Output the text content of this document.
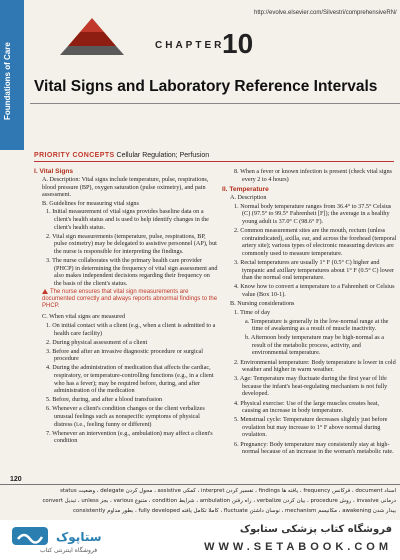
Foundations of Care
http://evolve.elsevier.com/Silvestri/comprehensiveRN/
CHAPTER
10
Vital Signs and Laboratory Reference Intervals
PRIORITY CONCEPTS Cellular Regulation; Perfusion
I. Vital Signs
A. Description: Vital signs include temperature, pulse, respirations, blood pressure (BP), oxygen saturation (pulse oximetry), and pain assessment.
B. Guidelines for measuring vital signs
1. Initial measurement of vital signs provides baseline data on a client's health status and is used to help identify changes in the client's health status.
2. Vital sign measurements (temperature, pulse, respirations, BP, pulse oximetry) may be delegated to assistive personnel (AP), but the nurse is responsible for interpreting the findings.
3. The nurse collaborates with the primary health care provider (PHCP) in determining the frequency of vital sign assessment and also makes independent decisions regarding their frequency on the basis of the client's status.
The nurse ensures that vital sign measurements are documented correctly and always reports abnormal findings to the PHCP.
C. When vital signs are measured
1. On initial contact with a client (e.g., when a client is admitted to a health care facility)
2. During physical assessment of a client
3. Before and after an invasive diagnostic procedure or surgical procedure
4. During the administration of medication that affects the cardiac, respiratory, or temperature-controlling functions (e.g., in a client who has a fever); may be required before, during, and after administration of the medication
5. Before, during, and after a blood transfusion
6. Whenever a client's condition changes or the client verbalizes unusual feelings such as nonspecific symptoms of physical distress (i.e., feeling funny or different)
7. Whenever an intervention (e.g., ambulation) may affect a client's condition
8. When a fever or known infection is present (check vital signs every 2 to 4 hours)
II. Temperature
A. Description
1. Normal body temperature ranges from 36.4° to 37.5° Celsius (C) (97.5° to 99.5° Fahrenheit [F]); the average in a healthy young adult is 37.0° C (98.6° F).
2. Common measurement sites are the mouth, rectum (unless contraindicated), axilla, ear, and across the forehead (temporal artery site); various types of electronic measuring devices are commonly used to measure temperature.
3. Rectal temperatures are usually 1° F (0.5° C) higher and tympanic and axillary temperatures about 1° F (0.5° C) lower than the normal oral temperature.
4. Know how to convert a temperature to a Fahrenheit or Celsius value (Box 10-1).
B. Nursing considerations
1. Time of day
a. Temperature is generally in the low-normal range at the time of awakening as a result of muscle inactivity.
b. Afternoon body temperature may be high-normal as a result of the metabolic process, activity, and environmental temperature.
2. Environmental temperature: Body temperature is lower in cold weather and higher in warm weather.
3. Age: Temperature may fluctuate during the first year of life because the infant's heat-regulating mechanism is not fully developed.
4. Physical exercise: Use of the large muscles creates heat, causing an increase in body temperature.
5. Menstrual cycle: Temperature decreases slightly just before ovulation but may increase to 1° F above normal during ovulation.
6. Pregnancy: Body temperature may consistently stay at high-normal because of an increase in the woman's metabolic rate.
120
اسناد document ، فرکانس frequency ، یافته ها findings ، تفسیر کردن interpret ، کمکی assistive ، محول کردن delegate ، وضعیت status
درمانی invasive ، روش procedure ، بیان کردن verbalize ، راه رفتن ambulation ، شرایط condition ، متنوع various ، بجز unless ، تبدیل convert
بیدار شدن awakening ، مکانیسم mechanism ، نوسان داشتن fluctuate ، کاملا تکامل یافته fully developed ، بطور مداوم consistently
ستاپوک
فروشگاه اینترنتی کتاب
فروشگاه کتاب پزشکی ستابوک
WWW.SETABOOK.COM
